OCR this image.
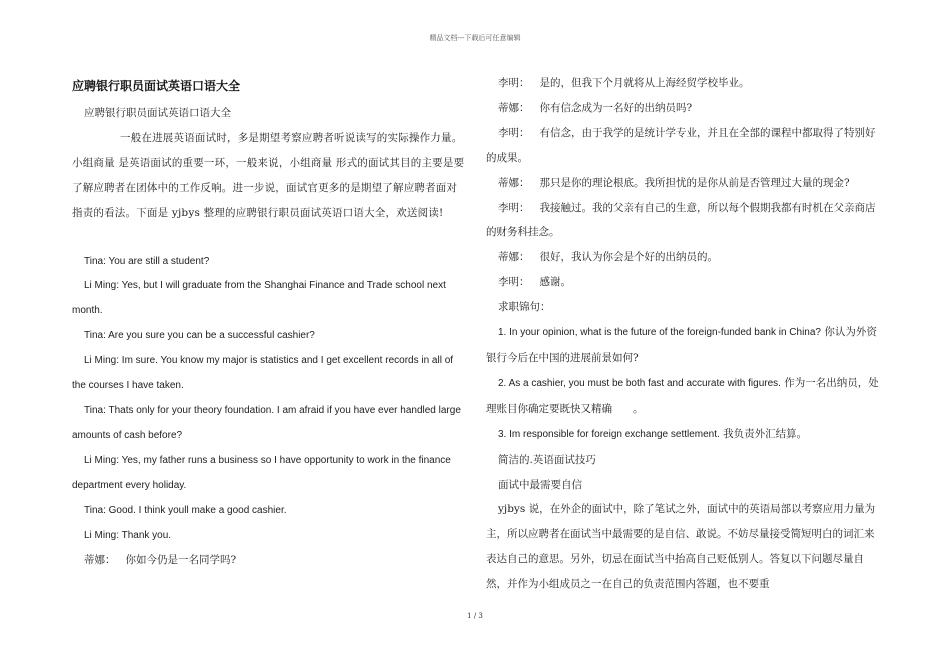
精品文档---下载后可任意编辑
应聘银行职员面试英语口语大全

应聘银行职员面试英语口语大全

一般在进展英语面试时，多是期望考察应聘者听说读写的实际操作力量。小组商量 是英语面试的重要一环，一般来说，小组商量 形式的面试其目的主要是要了解应聘者在团体中的工作反响。进一步说，面试官更多的是期望了解应聘者面对指责的看法。下面是 yjbys 整理的应聘银行职员面试英语口语大全，欢送阅读!

Tina: You are still a student?

Li Ming: Yes, but I will graduate from the Shanghai Finance and Trade school next month.

Tina: Are you sure you can be a successful cashier?

Li Ming: Im sure. You know my major is statistics and I get excellent records in all of the courses I have taken.

Tina: Thats only for your theory foundation. I am afraid if you have ever handled large amounts of cash before?

Li Ming: Yes, my father runs a business so I have opportunity to work in the finance department every holiday.

Tina: Good. I think youll make a good cashier.

Li Ming: Thank you.

蒂娜： 你如今仍是一名同学吗?

李明： 是的，但我下个月就将从上海经贸学校毕业。

蒂娜： 你有信念成为一名好的出纳员吗?

李明： 有信念，由于我学的是统计学专业，并且在全部的课程中都取得了特别好的成果。

蒂娜： 那只是你的理论根底。我所担忧的是你从前是否管理过大量的现金?

李明： 我接触过。我的父亲有自己的生意，所以每个假期我都有时机在父亲商店的财务科挂念。

蒂娜： 很好，我认为你会是个好的出纳员的。

李明： 感谢。

求职锦句：

1. In your opinion, what is the future of the foreign-funded bank in China? 你认为外资银行今后在中国的进展前景如何?

2. As a cashier, you must be both fast and accurate with figures. 作为一名出纳员，处理账目你确定要既快又精确　　。

3. Im responsible for foreign exchange settlement. 我负责外汇结算。

简洁的.英语面试技巧

面试中最需要自信

yjbys 说，在外企的面试中，除了笔试之外，面试中的英语局部以考察应用力量为主，所以应聘者在面试当中最需要的是自信、敢说。不妨尽量接受简短明白的词汇来表达自己的意思。另外，切忌在面试当中抬高自己贬低别人。答复以下问题尽量自然，并作为小组成员之一在自己的负责范围内答题，也不要重

1 / 3
